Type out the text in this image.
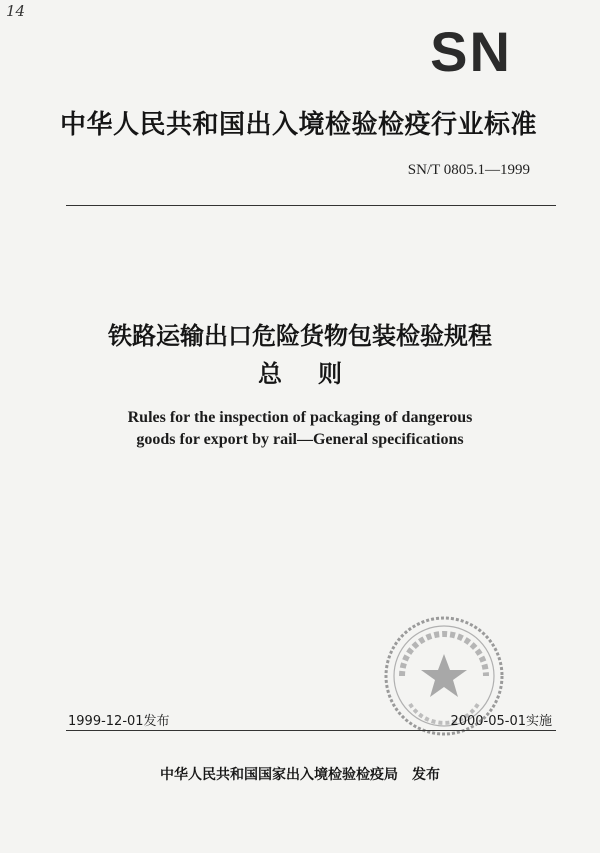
14
SN
中华人民共和国出入境检验检疫行业标准
SN/T 0805.1—1999
铁路运输出口危险货物包装检验规程
总则
Rules for the inspection of packaging of dangerous
goods for export by rail—General specifications
1999-12-01发布	2000-05-01实施
中华人民共和国国家出入境检验检疫局 发布
